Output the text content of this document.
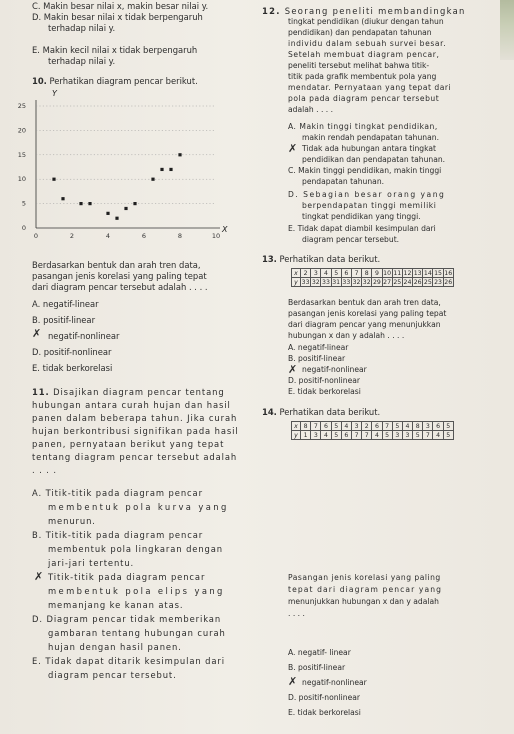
C. Makin besar nilai x, makin besar nilai y.
D. Makin besar nilai x tidak berpengaruh
terhadap nilai y.
E. Makin kecil nilai x tidak berpengaruh
terhadap nilai y.
10. Perhatikan diagram pencar berikut.
0	2	4	6	8	10
0
5
10
15
20
25
X
Y
Berdasarkan bentuk dan arah tren data,
pasangan jenis korelasi yang paling tepat
dari diagram pencar tersebut adalah . . . .
A. negatif-linear
B. positif-linear
✗ negatif-nonlinear
D. positif-nonlinear
E. tidak berkorelasi
11. Disajikan diagram pencar tentang
hubungan antara curah hujan dan hasil
panen dalam beberapa tahun. Jika curah
hujan berkontribusi signifikan pada hasil
panen, pernyataan berikut yang tepat
tentang diagram pencar tersebut adalah
. . . .
A. Titik-titik pada diagram pencar
membentuk pola kurva yang
menurun.
B. Titik-titik pada diagram pencar
membentuk pola lingkaran dengan
jari-jari tertentu.
✗ Titik-titik pada diagram pencar
membentuk pola elips yang
memanjang ke kanan atas.
D. Diagram pencar tidak memberikan
gambaran tentang hubungan curah
hujan dengan hasil panen.
E. Tidak dapat ditarik kesimpulan dari
diagram pencar tersebut.
12. Seorang peneliti membandingkan
tingkat pendidikan (diukur dengan tahun
pendidikan) dan pendapatan tahunan
individu dalam sebuah survei besar.
Setelah membuat diagram pencar,
peneliti tersebut melihat bahwa titik-
titik pada grafik membentuk pola yang
mendatar. Pernyataan yang tepat dari
pola pada diagram pencar tersebut
adalah . . . .
A. Makin tinggi tingkat pendidikan,
makin rendah pendapatan tahunan.
✗ Tidak ada hubungan antara tingkat
pendidikan dan pendapatan tahunan.
C. Makin tinggi pendidikan, makin tinggi
pendapatan tahunan.
D. Sebagian besar orang yang
berpendapatan tinggi memiliki
tingkat pendidikan yang tinggi.
E. Tidak dapat diambil kesimpulan dari
diagram pencar tersebut.
13. Perhatikan data berikut.
x	2	3	4	5	6	7	8	9	10	11	12	13	14	15	16
y	33	32	33	31	33	32	32	29	27	25	24	26	25	23	26
Berdasarkan bentuk dan arah tren data,
pasangan jenis korelasi yang paling tepat
dari diagram pencar yang menunjukkan
hubungan x dan y adalah . . . .
A. negatif-linear
B. positif-linear
✗ negatif-nonlinear
D. positif-nonlinear
E. tidak berkorelasi
14. Perhatikan data berikut.
x	8	7	6	5	4	3	2	6	7	5	4	8	3	6	5
y	1	3	4	5	6	7	7	4	5	3	3	5	7	4	5
Pasangan jenis korelasi yang paling
tepat dari diagram pencar yang
menunjukkan hubungan x dan y adalah
. . . .
A. negatif- linear
B. positif-linear
✗ negatif-nonlinear
D. positif-nonlinear
E. tidak berkorelasi
